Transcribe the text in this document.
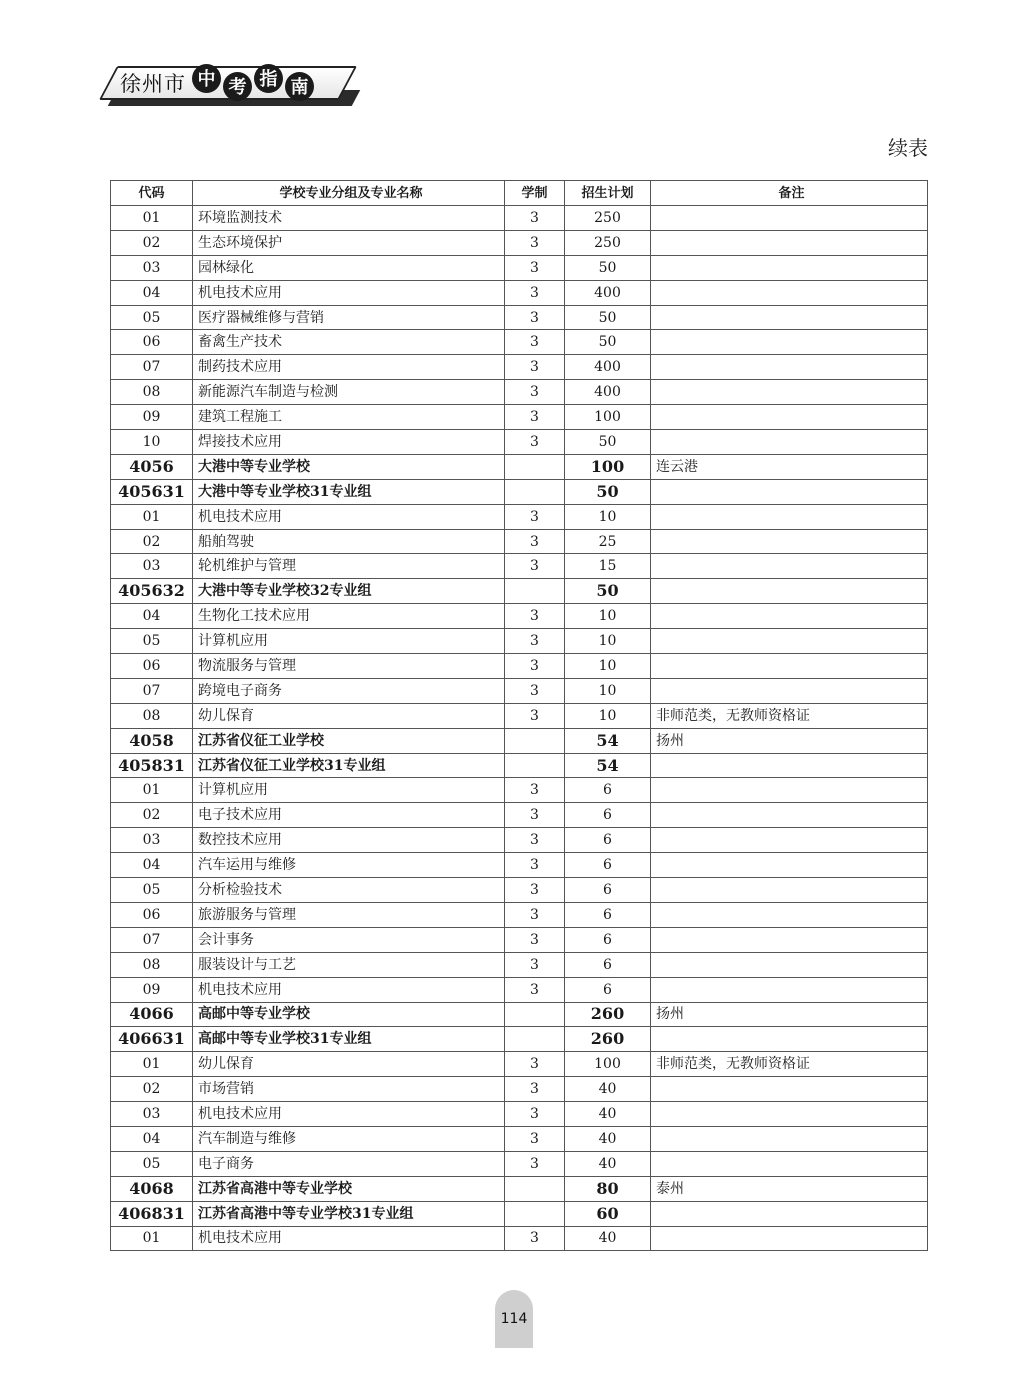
徐州市 中 考 指 南
续表
代码	学校专业分组及专业名称	学制	招生计划	备注
01	环境监测技术	3	250	
02	生态环境保护	3	250	
03	园林绿化	3	50	
04	机电技术应用	3	400	
05	医疗器械维修与营销	3	50	
06	畜禽生产技术	3	50	
07	制药技术应用	3	400	
08	新能源汽车制造与检测	3	400	
09	建筑工程施工	3	100	
10	焊接技术应用	3	50	
4056	大港中等专业学校		100	连云港
405631	大港中等专业学校31专业组		50	
01	机电技术应用	3	10	
02	船舶驾驶	3	25	
03	轮机维护与管理	3	15	
405632	大港中等专业学校32专业组		50	
04	生物化工技术应用	3	10	
05	计算机应用	3	10	
06	物流服务与管理	3	10	
07	跨境电子商务	3	10	
08	幼儿保育	3	10	非师范类，无教师资格证
4058	江苏省仪征工业学校		54	扬州
405831	江苏省仪征工业学校31专业组		54	
01	计算机应用	3	6	
02	电子技术应用	3	6	
03	数控技术应用	3	6	
04	汽车运用与维修	3	6	
05	分析检验技术	3	6	
06	旅游服务与管理	3	6	
07	会计事务	3	6	
08	服装设计与工艺	3	6	
09	机电技术应用	3	6	
4066	高邮中等专业学校		260	扬州
406631	高邮中等专业学校31专业组		260	
01	幼儿保育	3	100	非师范类，无教师资格证
02	市场营销	3	40	
03	机电技术应用	3	40	
04	汽车制造与维修	3	40	
05	电子商务	3	40	
4068	江苏省高港中等专业学校		80	泰州
406831	江苏省高港中等专业学校31专业组		60	
01	机电技术应用	3	40	
114
